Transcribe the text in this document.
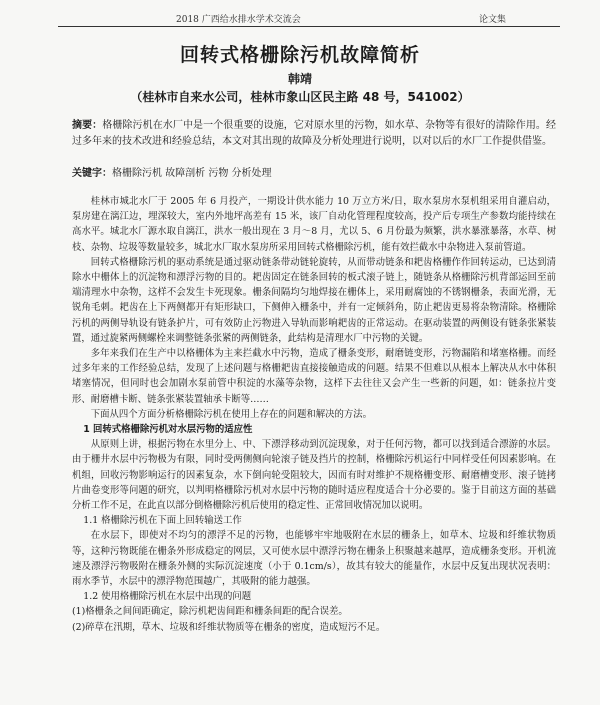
2018 广西给水排水学术交流会	论文集
回转式格栅除污机故障简析
韩靖
（桂林市自来水公司，桂林市象山区民主路 48 号，541002）
摘要：格栅除污机在水厂中是一个很重要的设施，它对原水里的污物，如水草、杂物等有很好的清除作用。经过多年来的技术改进和经验总结，本文对其出现的故障及分析处理进行说明，以对以后的水厂工作提供借鉴。
关键字：格栅除污机 故障剖析 污物 分析处理

桂林市城北水厂于 2005 年 6 月投产，一期设计供水能力 10 万立方米/日，取水泵房水泵机组采用自灌启动，泵房建在漓江边，埋深较大，室内外地坪高差有 15 米，该厂自动化管理程度较高，投产后专项生产参数均能持续在高水平。城北水厂源水取自漓江，洪水一般出现在 3 月～8 月，尤以 5、6 月份最为频繁，洪水暴涨暴落，水草、树枝、杂物、垃圾等数量较多，城北水厂取水泵房所采用回转式格栅除污机，能有效拦截水中杂物进入泵前管道。

回转式格栅除污机的驱动系统是通过驱动链条带动链轮旋转，从而带动链条和耙齿格栅作作回转运动，已达到清除水中栅体上的沉淀物和漂浮污物的目的。耙齿固定在链条回转的板式滚子链上，随链条从格栅除污机背部运回至前端清理水中杂物，这样不会发生卡死现象。栅条间隔均匀地焊接在栅体上，采用耐腐蚀的不锈钢栅条，表面光滑，无锐角毛刺。耙齿在上下两侧都开有矩形缺口，下侧伸入栅条中，并有一定倾斜角，防止耙齿更易将杂物清除。格栅除污机的两侧导轨设有链条护片，可有效防止污物进入导轨而影响耙齿的正常运动。在驱动装置的两侧设有链条张紧装置，通过旋紧两侧螺栓来调整链条张紧的两侧链条，此结构是清理水厂中污物的关键。

多年来我们在生产中以格栅体为主来拦截水中污物，造成了栅条变形，耐磨链变形，污物漏陷和堵塞格栅。而经过多年来的工作经验总结，发现了上述问题与格栅耙齿直接接触造成的问题。结果不但难以从根本上解决从水中体积堵塞情况，但同时也会加剧水泵前管中积淀的水藻等杂物，这样下去往往又会产生一些新的问题，如：链条拉片变形、耐磨槽卡断、链条张紧装置轴承卡断等……

下面从四个方面分析格栅除污机在使用上存在的问题和解决的方法。

1 回转式格栅除污机对水层污物的适应性

从原则上讲，根据污物在水里分上、中、下漂浮移动到沉淀现象，对于任何污物，都可以找到适合漂游的水层。由于栅井水层中污物极为有限，同时受两侧侧向轮滚子链及挡片的控制，格栅除污机运行中同样受任何因素影响。在机组，回收污物影响运行的因素复杂，水下倒向轮受阻较大，因而有时对维护不规格栅变形、耐磨槽变形、滚子链拷片曲卷变形等问题的研究，以判明格栅除污机对水层中污物的随时适应程度适合十分必要的。鉴于目前这方面的基础分析工作不足，在此直以部分倒格栅除污机后使用的稳定性、正常回收情况加以说明。

1.1 格栅除污机在下面上回转输送工作

在水层下，即使对不均匀的漂浮不足的污物，也能够牢牢地吸附在水层的栅条上，如草木、垃圾和纤维状物质等，这种污物既能在栅条外形成稳定的网层，又可使水层中漂浮污物在栅条上积聚越来越厚，造成栅条变形。开机流速及漂浮污物吸附在栅条外侧的实际沉淀速度（小于 0.1cm/s），故其有较大的能量作，水层中反复出现状况表明：雨水季节，水层中的漂浮物范围越广，其吸附的能力越强。

1.2 使用格栅除污机在水层中出现的问题

(1)格栅条之间间距确定，除污机耙齿间距和栅条间距的配合误差。

(2)碎草在汛期，草木、垃圾和纤维状物质等在栅条的密度，造成短污不足。
